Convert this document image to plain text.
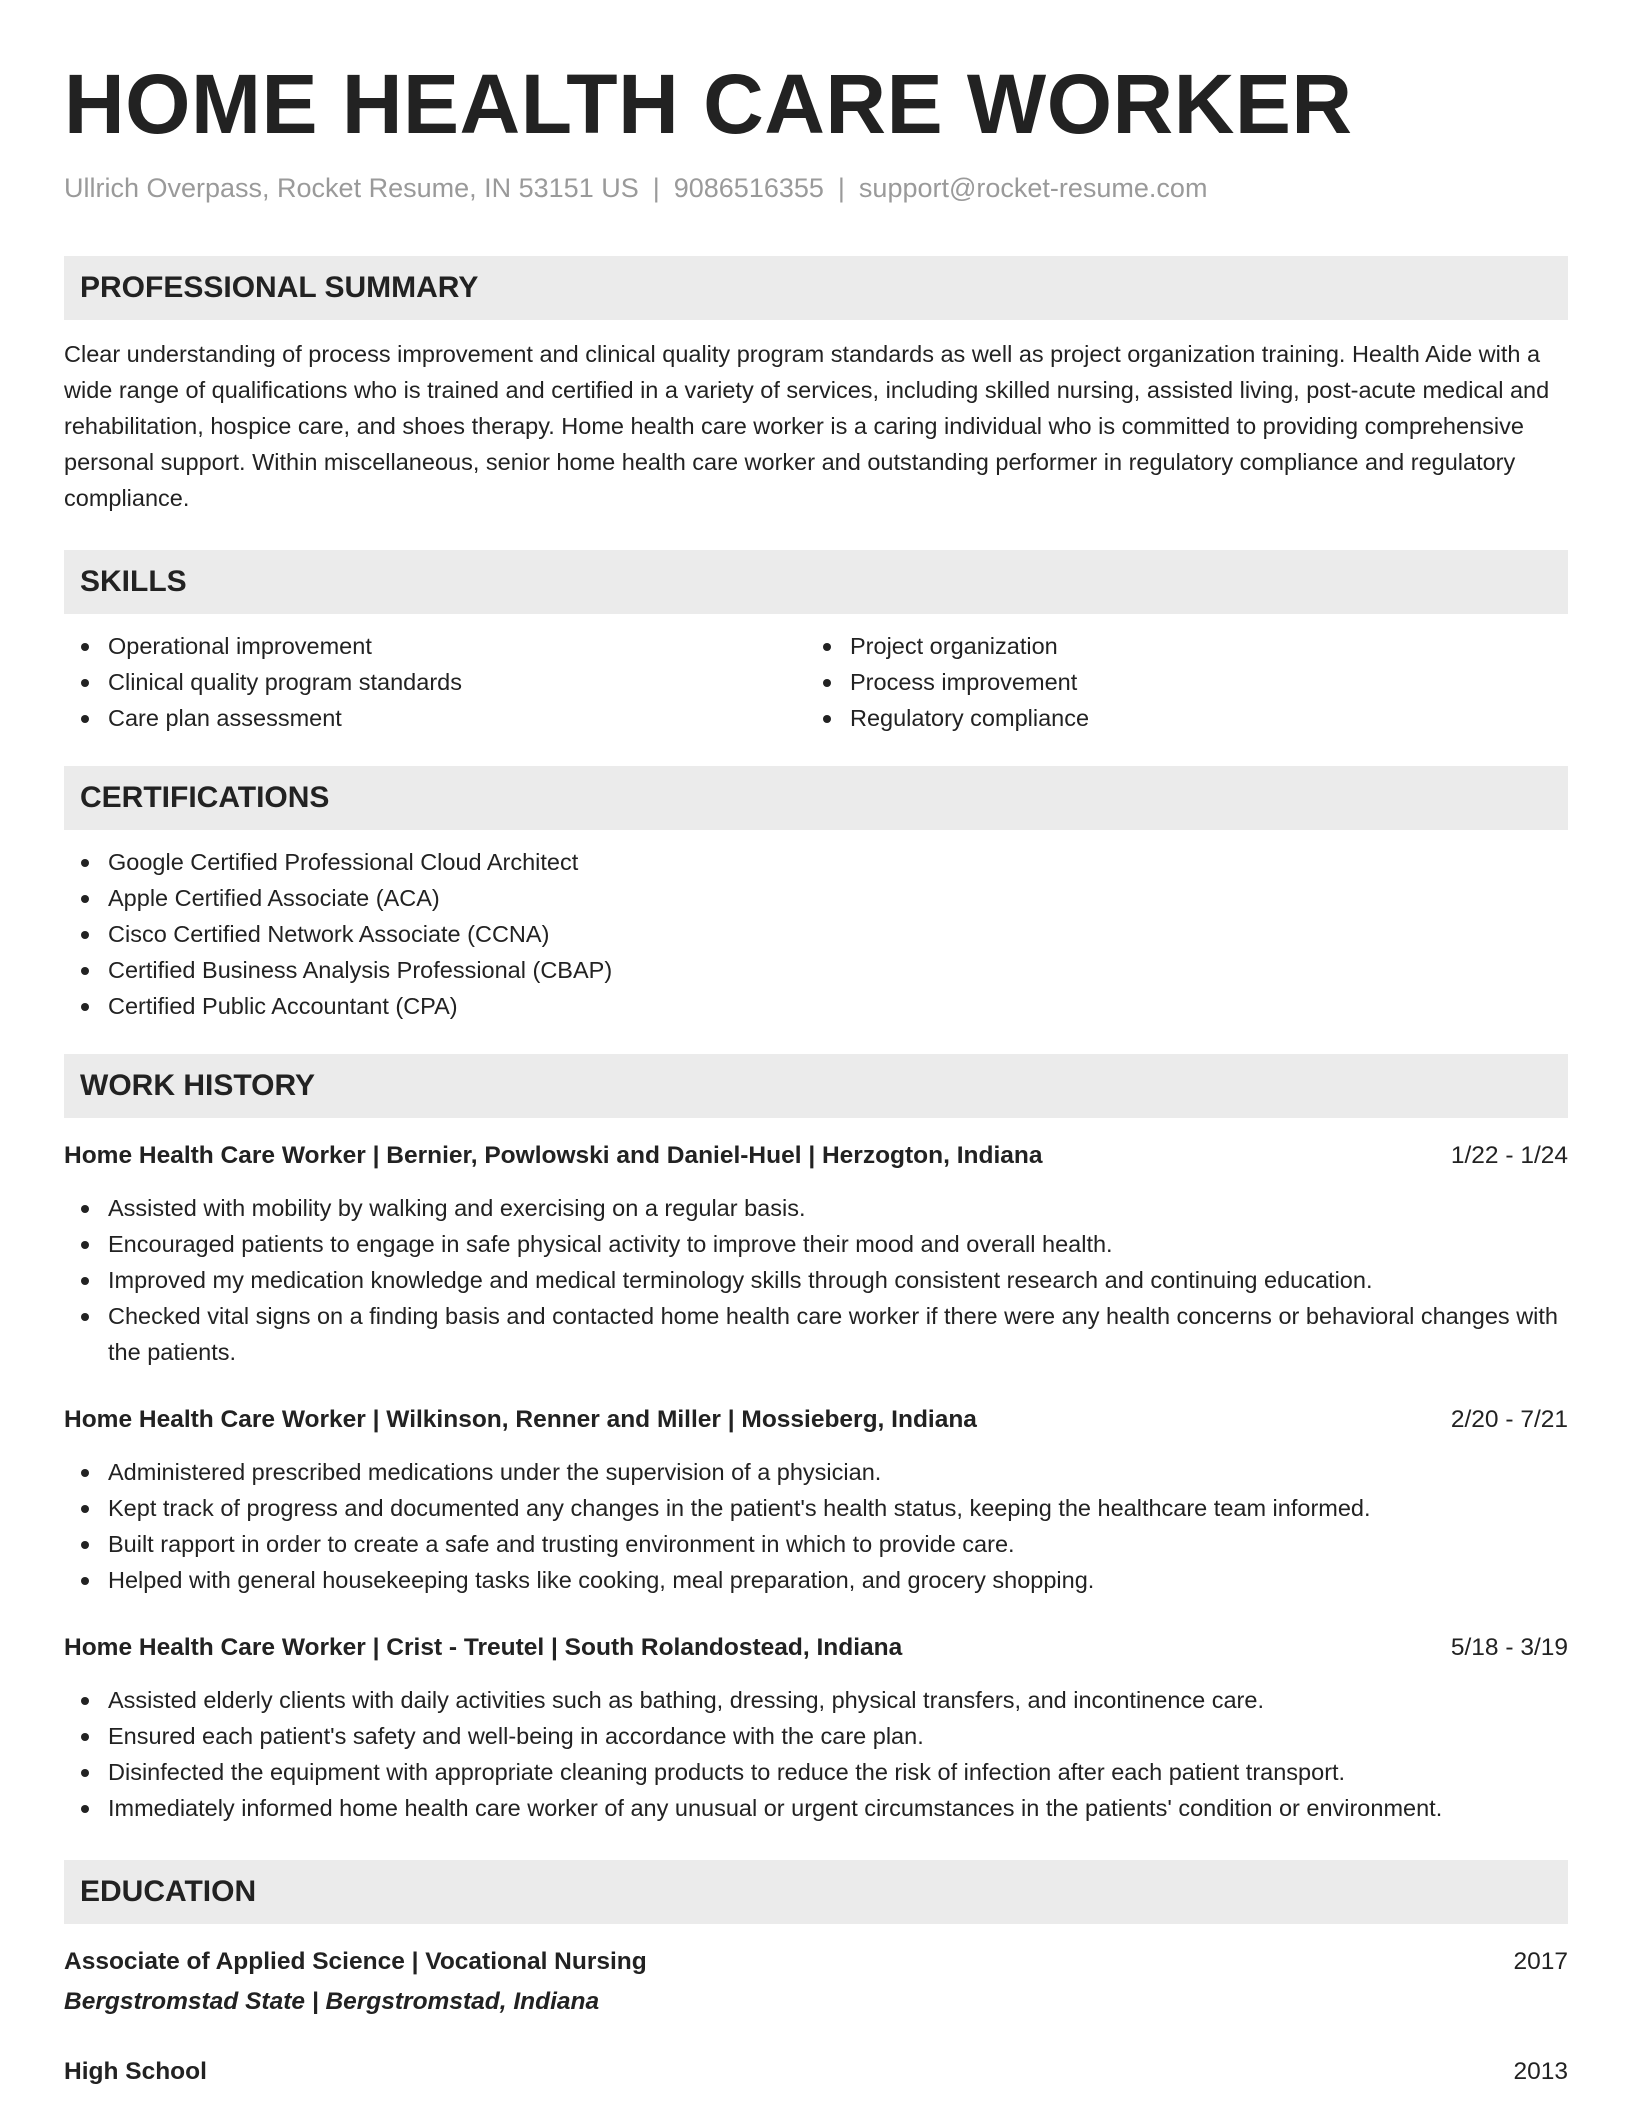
HOME HEALTH CARE WORKER
Ullrich Overpass, Rocket Resume, IN 53151 US | 9086516355 | support@rocket-resume.com
PROFESSIONAL SUMMARY

Clear understanding of process improvement and clinical quality program standards as well as project organization training. Health Aide with a wide range of qualifications who is trained and certified in a variety of services, including skilled nursing, assisted living, post-acute medical and rehabilitation, hospice care, and shoes therapy. Home health care worker is a caring individual who is committed to providing comprehensive personal support. Within miscellaneous, senior home health care worker and outstanding performer in regulatory compliance and regulatory compliance.

SKILLS
Operational improvement
Clinical quality program standards
Care plan assessment
Project organization
Process improvement
Regulatory compliance
CERTIFICATIONS
Google Certified Professional Cloud Architect
Apple Certified Associate (ACA)
Cisco Certified Network Associate (CCNA)
Certified Business Analysis Professional (CBAP)
Certified Public Accountant (CPA)
WORK HISTORY
Home Health Care Worker | Bernier, Powlowski and Daniel-Huel | Herzogton, Indiana	1/22 - 1/24
Assisted with mobility by walking and exercising on a regular basis.
Encouraged patients to engage in safe physical activity to improve their mood and overall health.
Improved my medication knowledge and medical terminology skills through consistent research and continuing education.
Checked vital signs on a finding basis and contacted home health care worker if there were any health concerns or behavioral changes with the patients.
Home Health Care Worker | Wilkinson, Renner and Miller | Mossieberg, Indiana	2/20 - 7/21
Administered prescribed medications under the supervision of a physician.
Kept track of progress and documented any changes in the patient's health status, keeping the healthcare team informed.
Built rapport in order to create a safe and trusting environment in which to provide care.
Helped with general housekeeping tasks like cooking, meal preparation, and grocery shopping.
Home Health Care Worker | Crist - Treutel | South Rolandostead, Indiana	5/18 - 3/19
Assisted elderly clients with daily activities such as bathing, dressing, physical transfers, and incontinence care.
Ensured each patient's safety and well-being in accordance with the care plan.
Disinfected the equipment with appropriate cleaning products to reduce the risk of infection after each patient transport.
Immediately informed home health care worker of any unusual or urgent circumstances in the patients' condition or environment.
EDUCATION
Associate of Applied Science | Vocational Nursing	2017
Bergstromstad State | Bergstromstad, Indiana
High School	2013
